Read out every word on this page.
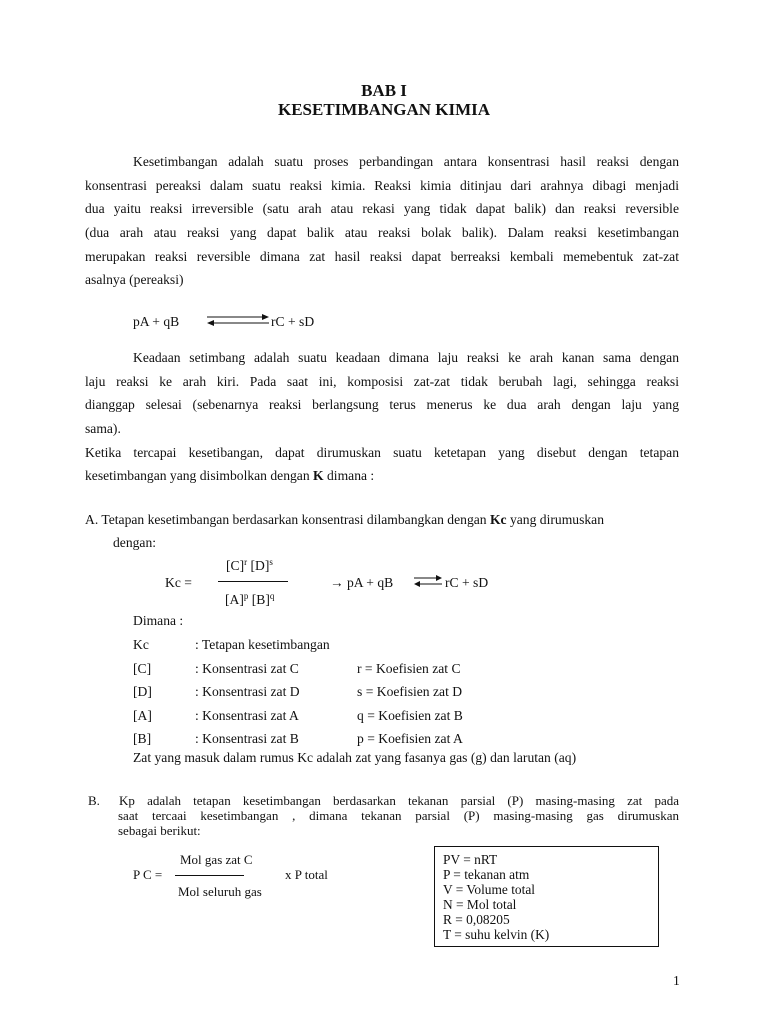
BAB I
KESETIMBANGAN KIMIA
Kesetimbangan adalah suatu proses perbandingan antara konsentrasi hasil reaksi dengan
konsentrasi pereaksi dalam suatu reaksi kimia. Reaksi kimia ditinjau dari arahnya dibagi menjadi
dua yaitu reaksi irreversible (satu arah atau rekasi yang tidak dapat balik) dan reaksi reversible
(dua arah atau reaksi yang dapat balik atau reaksi bolak balik). Dalam reaksi kesetimbangan
merupakan reaksi reversible dimana zat hasil reaksi dapat berreaksi kembali memebentuk zat-zat
asalnya (pereaksi)
pA + qB	rC + sD
Keadaan setimbang adalah suatu keadaan dimana laju reaksi ke arah kanan sama dengan
laju reaksi ke arah kiri. Pada saat ini, komposisi zat-zat tidak berubah lagi, sehingga reaksi
dianggap selesai (sebenarnya reaksi berlangsung terus menerus ke dua arah dengan laju yang
sama).
Ketika tercapai kesetibangan, dapat dirumuskan suatu ketetapan yang disebut dengan tetapan
kesetimbangan yang disimbolkan dengan K dimana :
A. Tetapan kesetimbangan berdasarkan konsentrasi dilambangkan dengan Kc yang dirumuskan
dengan:
Kc =
$[C]^r$ $[D]^s$
$[A]^p$ $[B]^q$
→ pA + qB ⇌ rC + sD
Dimana :
Kc	: Tetapan kesetimbangan
[C]	: Konsentrasi zat C	r = Koefisien zat C
[D]	: Konsentrasi zat D	s = Koefisien zat D
[A]	: Konsentrasi zat A	q = Koefisien zat B
[B]	: Konsentrasi zat B	p = Koefisien zat A
Zat yang masuk dalam rumus Kc adalah zat yang fasanya gas (g) dan larutan (aq)
B. Kp adalah tetapan kesetimbangan berdasarkan tekanan parsial (P) masing-masing zat pada
saat tercaai kesetimbangan , dimana tekanan parsial (P) masing-masing gas dirumuskan
sebagai berikut:
P C =
Mol gas zat C
Mol seluruh gas
x P total
PV = nRT
P = tekanan atm
V = Volume total
N = Mol total
R = 0,08205
T = suhu kelvin (K)
1
